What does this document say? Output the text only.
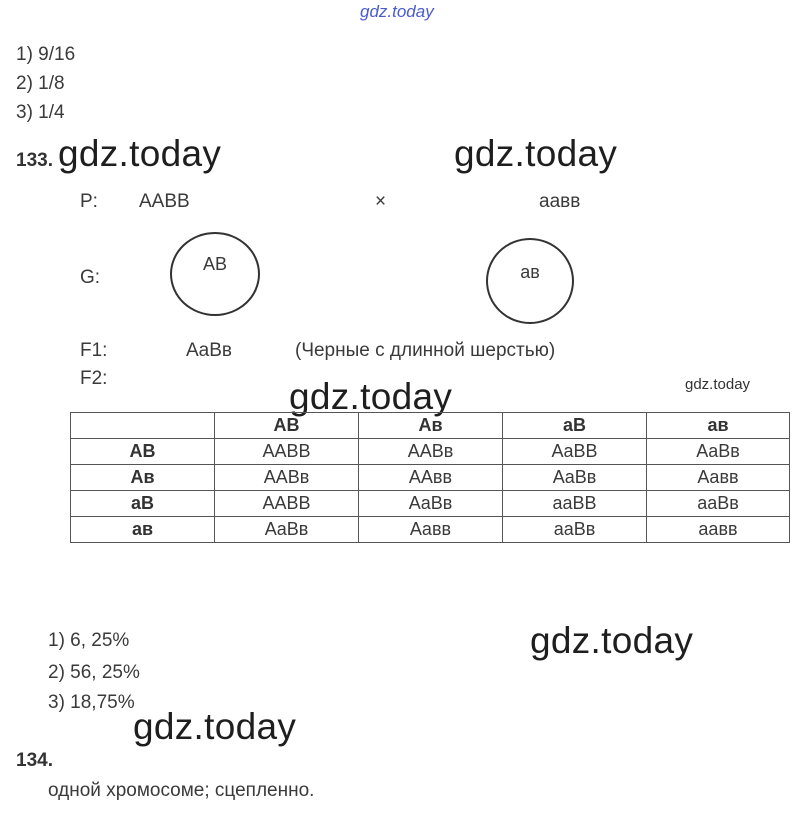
gdz.today
1) 9/16
2) 1/8
3) 1/4
133. gdz.today	gdz.today
P: AABB	×	aавв
G:
AB	aв
F1:	AaBв	(Черные с длинной шерстью)
F2:	gdz.today	gdz.today
	AB	Aв	aB	aв
AB	AABB	AABв	AaBB	AaBв
Aв	AABв	AAвв	AaBв	Aaвв
aB	AABB	AaBв	aaBB	aaBв
aв	AaBв	Aaвв	aaBв	aaвв
1) 6, 25%	gdz.today
2) 56, 25%
3) 18,75%
gdz.today
134.
одной хромосоме; сцепленно.
